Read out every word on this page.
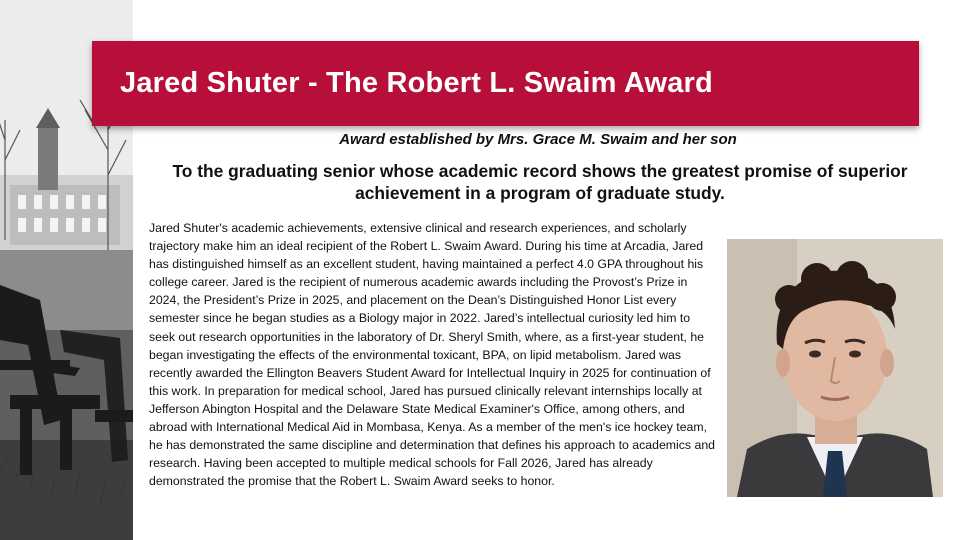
Jared Shuter - The Robert L. Swaim Award
Award established by Mrs. Grace M. Swaim and her son
To the graduating senior whose academic record shows the greatest promise of superior achievement in a program of graduate study.
Jared Shuter's academic achievements, extensive clinical and research experiences, and scholarly trajectory make him an ideal recipient of the Robert L. Swaim Award. During his time at Arcadia, Jared has distinguished himself as an excellent student, having maintained a perfect 4.0 GPA throughout his college career. Jared is the recipient of numerous academic awards including the Provost’s Prize in 2024, the President’s Prize in 2025, and placement on the Dean’s Distinguished Honor List every semester since he began studies as a Biology major in 2022. Jared’s intellectual curiosity led him to seek out research opportunities in the laboratory of Dr. Sheryl Smith, where, as a first-year student, he began investigating the effects of the environmental toxicant, BPA, on lipid metabolism. Jared was recently awarded the Ellington Beavers Student Award for Intellectual Inquiry in 2025 for continuation of this work. In preparation for medical school, Jared has pursued clinically relevant internships locally at Jefferson Abington Hospital and the Delaware State Medical Examiner's Office, among others, and abroad with International Medical Aid in Mombasa, Kenya. As a member of the men's ice hockey team, he has demonstrated the same discipline and determination that defines his approach to academics and research. Having been accepted to multiple medical schools for Fall 2026, Jared has already demonstrated the promise that the Robert L. Swaim Award seeks to honor.
